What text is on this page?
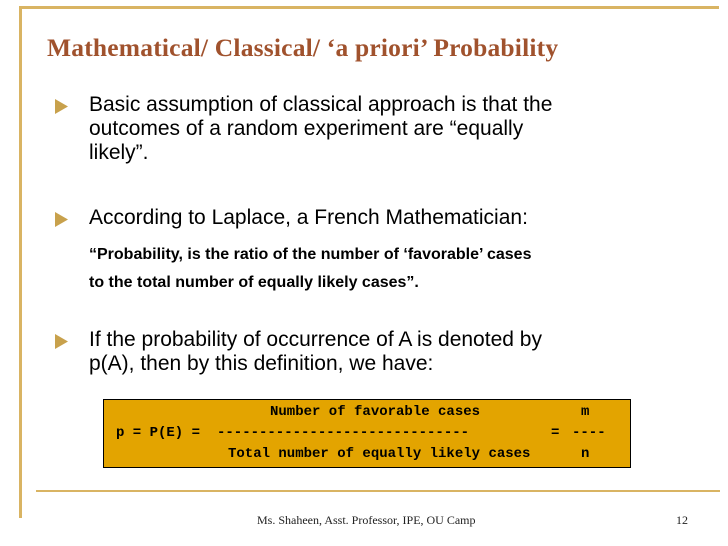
Mathematical/ Classical/ ‘a priori’ Probability
Basic assumption of classical approach is that the
outcomes of a random experiment are “equally
likely”.
According to Laplace, a French Mathematician:
“Probability, is the ratio of the number of ‘favorable’ cases
to the total number of equally likely cases”.
If the probability of occurrence of A is denoted by
p(A), then by this definition, we have:
Number of favorable cases	m
p = P(E) = ------------------------------	= ----
Total number of equally likely cases	n
Ms. Shaheen, Asst. Professor, IPE, OU Camp	12
